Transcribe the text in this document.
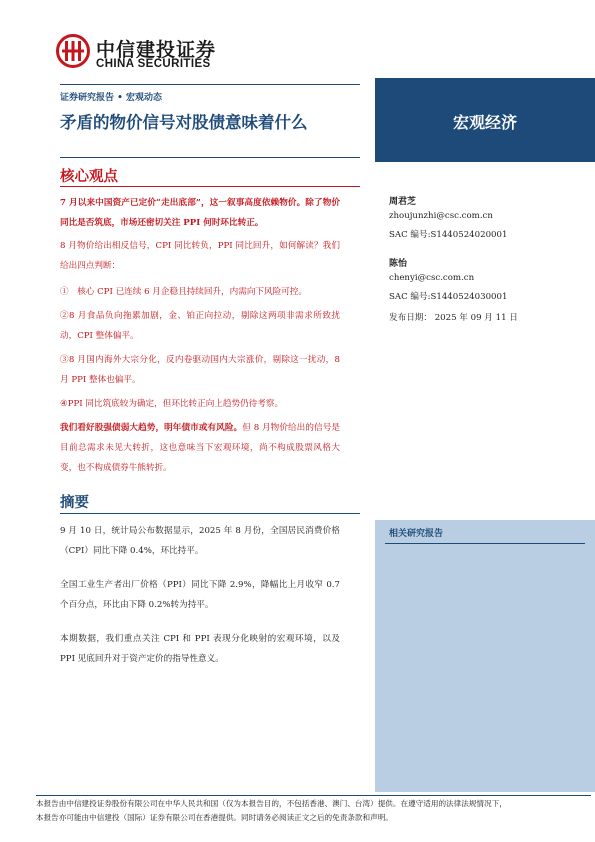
中信建投证券
CHINA SECURITIES
证券研究报告 • 宏观动态
矛盾的物价信号对股债意味着什么	宏观经济
周君芝
zhoujunzhi@csc.com.cn
SAC 编号:S1440524020001
陈怡
chenyi@csc.com.cn
SAC 编号:S1440524030001
发布日期： 2025 年 09 月 11 日
相关研究报告
核心观点
7 月以来中国资产已定价“走出底部”，这一叙事高度依赖物价。除了物价同比是否筑底，市场还密切关注 PPI 何时环比转正。
8 月物价给出相反信号，CPI 同比转负，PPI 同比回升，如何解读？我们给出四点判断：
①　核心 CPI 已连续 6 月企稳且持续回升，内需向下风险可控。
②8 月食品负向拖累加剧，金、铂正向拉动，剔除这两项非需求所致扰动，CPI 整体偏平。
③8 月国内海外大宗分化，反内卷驱动国内大宗涨价，剔除这一扰动，8 月 PPI 整体也偏平。
④PPI 同比筑底较为确定，但环比转正向上趋势仍待考察。
我们看好股强债弱大趋势，明年债市或有风险。但 8 月物价给出的信号是目前总需求未见大转折，这也意味当下宏观环境，尚不构成股票风格大变，也不构成债券牛熊转折。
摘要
9 月 10 日，统计局公布数据显示，2025 年 8 月份，全国居民消费价格（CPI）同比下降 0.4%，环比持平。
全国工业生产者出厂价格（PPI）同比下降 2.9%，降幅比上月收窄 0.7 个百分点，环比由下降 0.2%转为持平。
本期数据，我们重点关注 CPI 和 PPI 表现分化映射的宏观环境，以及 PPI 见底回升对于资产定价的指导性意义。
本报告由中信建投证券股份有限公司在中华人民共和国（仅为本报告目的，不包括香港、澳门、台湾）提供。在遵守适用的法律法规情况下，
本报告亦可能由中信建投（国际）证券有限公司在香港提供。同时请务必阅读正文之后的免责条款和声明。
